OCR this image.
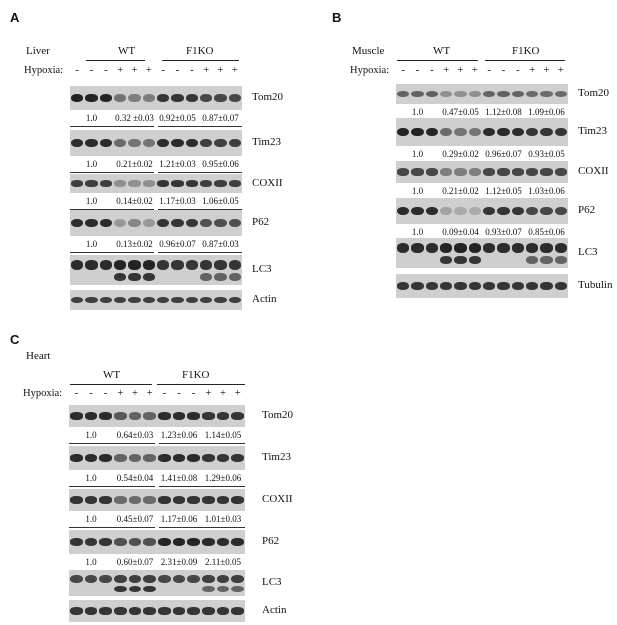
A
Liver	WT	F1KO
Hypoxia:	-	-	- + + + -	-	- + + +
Tom20
1.0	0.32 ±0.03 0.92±0.05 0.87±0.07
Tim23
1.0	0.21±0.02 1.21±0.03 0.95±0.06
COXII
1.0	0.14±0.02 1.17±0.03 1.06±0.05
P62
1.0	0.13±0.02 0.96±0.07 0.87±0.03
LC3
Actin
B
Muscle	WT	F1KO
Hypoxia:	-	-	- + + + -	-	- + + +
Tom20
1.0	0.47±0.05 1.12±0.08 1.09±0.06
Tim23
1.0	0.29±0.02 0.96±0.07 0.93±0.05
COXII
1.0	0.21±0.02 1.12±0.05 1.03±0.06
P62
1.0	0.09±0.04 0.93±0.07 0.85±0.06
LC3
Tubulin
C
Heart
WT	F1KO
Hypoxia:	-	-	- + + + -	-	- + + +
Tom20
1.0	0.64±0.03 1.23±0.06 1.14±0.05
Tim23
1.0	0.54±0.04 1.41±0.08 1.29±0.06
COXII
1.0	0.45±0.07 1.17±0.06 1.01±0.03
P62
1.0	0.60±0.07 2.31±0.09 2.11±0.05
LC3
Actin
